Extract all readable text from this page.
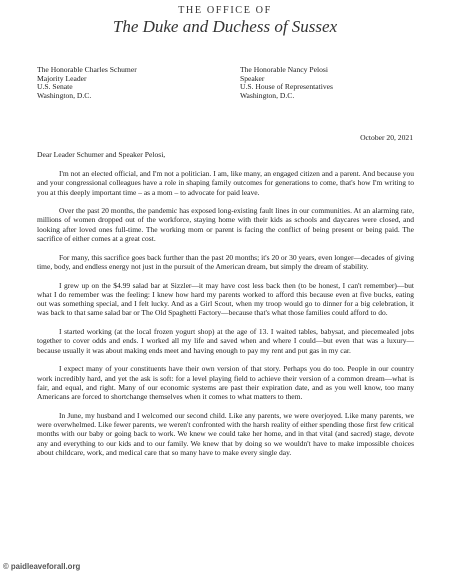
THE OFFICE OF
The Duke and Duchess of Sussex
The Honorable Charles Schumer
Majority Leader
U.S. Senate
Washington, D.C.
The Honorable Nancy Pelosi
Speaker
U.S. House of Representatives
Washington, D.C.
October 20, 2021
Dear Leader Schumer and Speaker Pelosi,

I'm not an elected official, and I'm not a politician. I am, like many, an engaged citizen and a parent. And because you and your congressional colleagues have a role in shaping family outcomes for generations to come, that's how I'm writing to you at this deeply important time – as a mom – to advocate for paid leave.

Over the past 20 months, the pandemic has exposed long-existing fault lines in our communities. At an alarming rate, millions of women dropped out of the workforce, staying home with their kids as schools and daycares were closed, and looking after loved ones full-time. The working mom or parent is facing the conflict of being present or being paid. The sacrifice of either comes at a great cost.

For many, this sacrifice goes back further than the past 20 months; it's 20 or 30 years, even longer—decades of giving time, body, and endless energy not just in the pursuit of the American dream, but simply the dream of stability.

I grew up on the $4.99 salad bar at Sizzler—it may have cost less back then (to be honest, I can't remember)—but what I do remember was the feeling: I knew how hard my parents worked to afford this because even at five bucks, eating out was something special, and I felt lucky. And as a Girl Scout, when my troop would go to dinner for a big celebration, it was back to that same salad bar or The Old Spaghetti Factory—because that's what those families could afford to do.

I started working (at the local frozen yogurt shop) at the age of 13. I waited tables, babysat, and piecemealed jobs together to cover odds and ends. I worked all my life and saved when and where I could—but even that was a luxury—because usually it was about making ends meet and having enough to pay my rent and put gas in my car.

I expect many of your constituents have their own version of that story. Perhaps you do too. People in our country work incredibly hard, and yet the ask is soft: for a level playing field to achieve their version of a common dream—what is fair, and equal, and right. Many of our economic systems are past their expiration date, and as you well know, too many Americans are forced to shortchange themselves when it comes to what matters to them.

In June, my husband and I welcomed our second child. Like any parents, we were overjoyed. Like many parents, we were overwhelmed. Like fewer parents, we weren't confronted with the harsh reality of either spending those first few critical months with our baby or going back to work. We knew we could take her home, and in that vital (and sacred) stage, devote any and everything to our kids and to our family. We knew that by doing so we wouldn't have to make impossible choices about childcare, work, and medical care that so many have to make every single day.

© paidleaveforall.org
